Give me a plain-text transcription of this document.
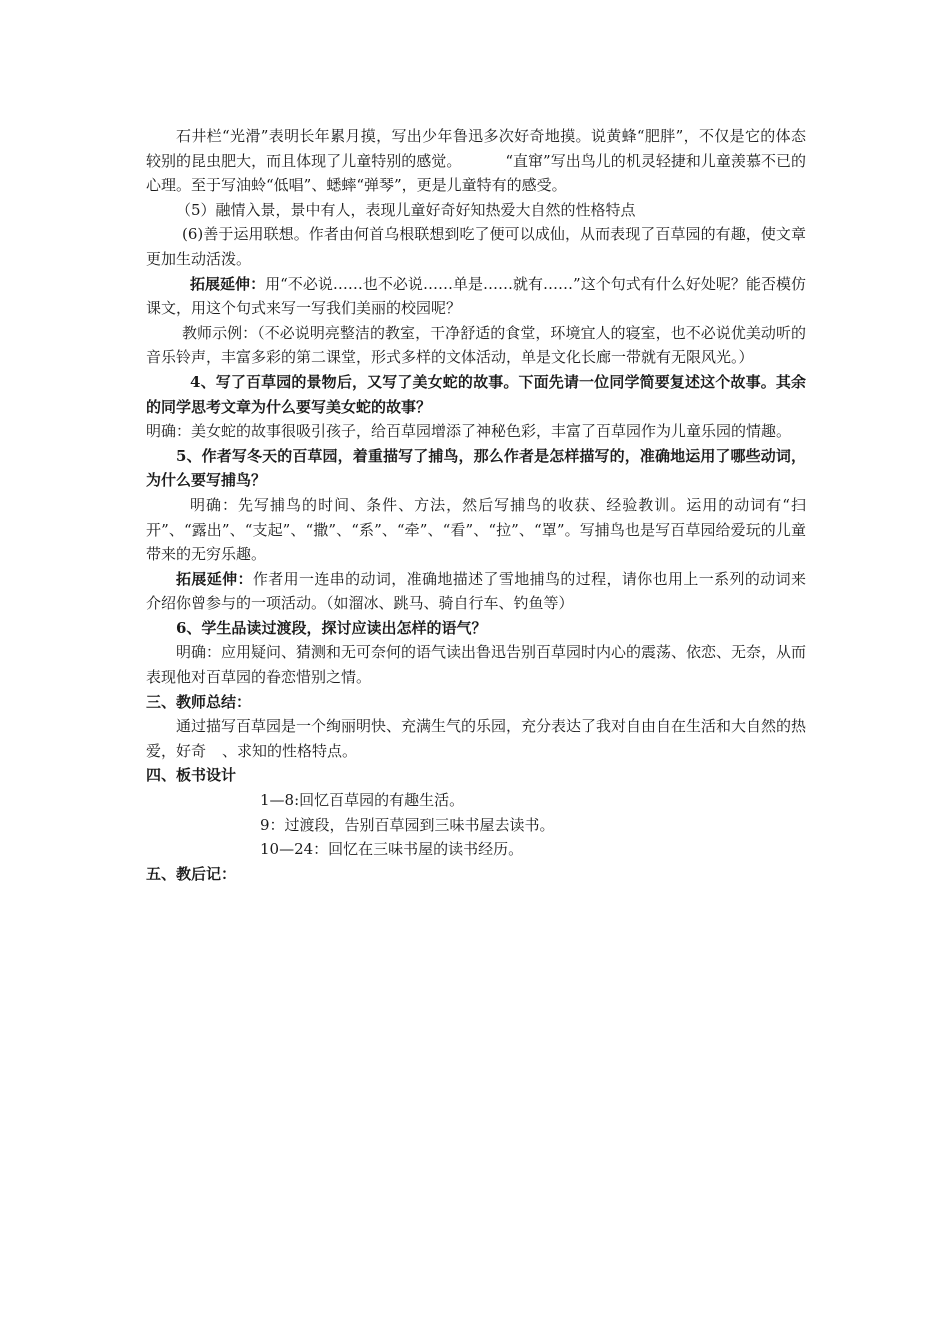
石井栏“光滑”表明长年累月摸，写出少年鲁迅多次好奇地摸。说黄蜂“肥胖”，不仅是它的体态较别的昆虫肥大，而且体现了儿童特别的感觉。	“直窜”写出鸟儿的机灵轻捷和儿童羡慕不已的心理。至于写油蛉“低唱”、蟋蟀“弹琴”，更是儿童特有的感受。

（5）融情入景，景中有人，表现儿童好奇好知热爱大自然的性格特点

(6)善于运用联想。作者由何首乌根联想到吃了便可以成仙，从而表现了百草园的有趣，使文章更加生动活泼。

拓展延伸：用“不必说……也不必说……单是……就有……”这个句式有什么好处呢？能否模仿课文，用这个句式来写一写我们美丽的校园呢？

教师示例：（不必说明亮整洁的教室，干净舒适的食堂，环境宜人的寝室，也不必说优美动听的音乐铃声，丰富多彩的第二课堂，形式多样的文体活动，单是文化长廊一带就有无限风光。）

4、写了百草园的景物后，又写了美女蛇的故事。下面先请一位同学简要复述这个故事。其余的同学思考文章为什么要写美女蛇的故事？

明确：美女蛇的故事很吸引孩子，给百草园增添了神秘色彩，丰富了百草园作为儿童乐园的情趣。

5、作者写冬天的百草园，着重描写了捕鸟，那么作者是怎样描写的，准确地运用了哪些动词，为什么要写捕鸟？

明确：先写捕鸟的时间、条件、方法，然后写捕鸟的收获、经验教训。运用的动词有“扫开”、“露出”、“支起”、“撒”、“系”、“牵”、“看”、“拉”、“罩”。写捕鸟也是写百草园给爱玩的儿童带来的无穷乐趣。

拓展延伸：作者用一连串的动词，准确地描述了雪地捕鸟的过程，请你也用上一系列的动词来介绍你曾参与的一项活动。（如溜冰、跳马、骑自行车、钓鱼等）

6、学生品读过渡段，探讨应读出怎样的语气？

明确：应用疑问、猜测和无可奈何的语气读出鲁迅告别百草园时内心的震荡、依恋、无奈，从而表现他对百草园的眷恋惜别之情。

三、教师总结：

通过描写百草园是一个绚丽明快、充满生气的乐园，充分表达了我对自由自在生活和大自然的热爱，好奇 、求知的性格特点。

四、板书设计

1—8:回忆百草园的有趣生活。

9：过渡段，告别百草园到三味书屋去读书。

10—24：回忆在三味书屋的读书经历。

五、教后记：
